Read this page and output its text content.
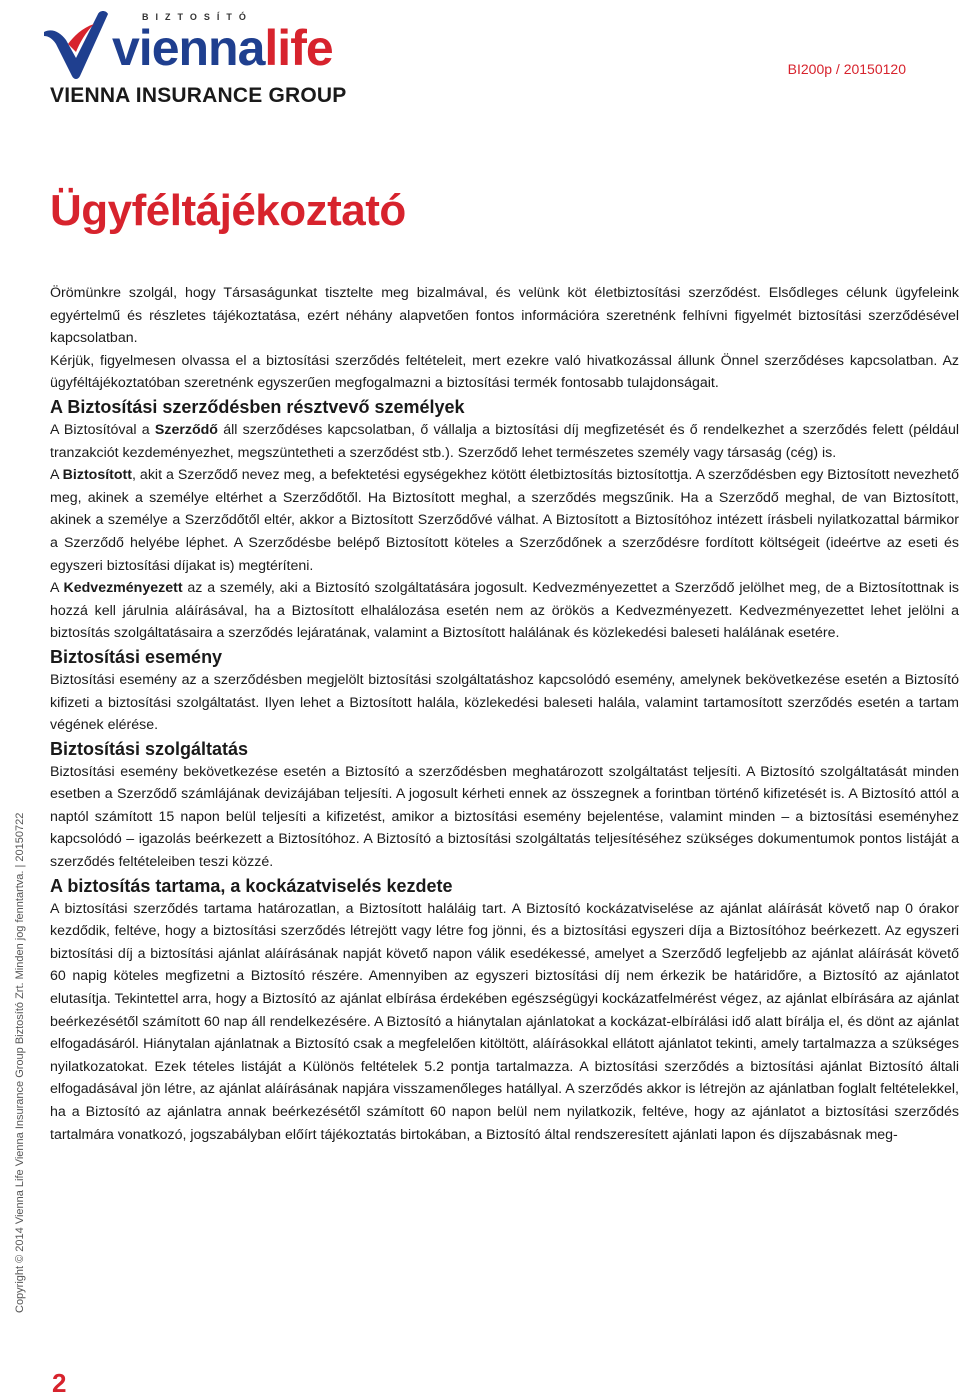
BIZTOSÍTÓ
viennalife
VIENNA INSURANCE GROUP
BI200p / 20150120
Ügyféltájékoztató

Örömünkre szolgál, hogy Társaságunkat tisztelte meg bizalmával, és velünk köt életbiztosítási szerződést. Elsődleges célunk ügyfeleink egyértelmű és részletes tájékoztatása, ezért néhány alapvetően fontos információra szeretnénk felhívni figyelmét biztosítási szerződésével kapcsolatban.

Kérjük, figyelmesen olvassa el a biztosítási szerződés feltételeit, mert ezekre való hivatkozással állunk Önnel szerződéses kapcsolatban. Az ügyféltájékoztatóban szeretnénk egyszerűen megfogalmazni a biztosítási termék fontosabb tulajdonságait.

A Biztosítási szerződésben résztvevő személyek

A Biztosítóval a Szerződő áll szerződéses kapcsolatban, ő vállalja a biztosítási díj megfizetését és ő rendelkezhet a szerződés felett (például tranzakciót kezdeményezhet, megszüntetheti a szerződést stb.). Szerződő lehet természetes személy vagy társaság (cég) is.

A Biztosított, akit a Szerződő nevez meg, a befektetési egységekhez kötött életbiztosítás biztosítottja. A szerződésben egy Biztosított nevezhető meg, akinek a személye eltérhet a Szerződőtől. Ha Biztosított meghal, a szerződés megszűnik. Ha a Szerződő meghal, de van Biztosított, akinek a személye a Szerződőtől eltér, akkor a Biztosított Szerződővé válhat. A Biztosított a Biztosítóhoz intézett írásbeli nyilatkozattal bármikor a Szerződő helyébe léphet. A Szerződésbe belépő Biztosított köteles a Szerződőnek a szerződésre fordított költségeit (ideértve az eseti és egyszeri biztosítási díjakat is) megtéríteni.

A Kedvezményezett az a személy, aki a Biztosító szolgáltatására jogosult. Kedvezményezettet a Szerződő jelölhet meg, de a Biztosítottnak is hozzá kell járulnia aláírásával, ha a Biztosított elhalálozása esetén nem az örökös a Kedvezményezett. Kedvezményezettet lehet jelölni a biztosítás szolgáltatásaira a szerződés lejáratának, valamint a Biztosított halálának és közlekedési baleseti halálának esetére.

Biztosítási esemény

Biztosítási esemény az a szerződésben megjelölt biztosítási szolgáltatáshoz kapcsolódó esemény, amelynek bekövetkezése esetén a Biztosító kifizeti a biztosítási szolgáltatást. Ilyen lehet a Biztosított halála, közlekedési baleseti halála, valamint tartamosított szerződés esetén a tartam végének elérése.

Biztosítási szolgáltatás

Biztosítási esemény bekövetkezése esetén a Biztosító a szerződésben meghatározott szolgáltatást teljesíti. A Biztosító szolgáltatását minden esetben a Szerződő számlájának devizájában teljesíti. A jogosult kérheti ennek az összegnek a forintban történő kifizetését is. A Biztosító attól a naptól számított 15 napon belül teljesíti a kifizetést, amikor a biztosítási esemény bejelentése, valamint minden – a biztosítási eseményhez kapcsolódó – igazolás beérkezett a Biztosítóhoz. A Biztosító a biztosítási szolgáltatás teljesítéséhez szükséges dokumentumok pontos listáját a szerződés feltételeiben teszi közzé.

A biztosítás tartama, a kockázatviselés kezdete

A biztosítási szerződés tartama határozatlan, a Biztosított haláláig tart. A Biztosító kockázatviselése az ajánlat aláírását követő nap 0 órakor kezdődik, feltéve, hogy a biztosítási szerződés létrejött vagy létre fog jönni, és a biztosítási egyszeri díja a Biztosítóhoz beérkezett. Az egyszeri biztosítási díj a biztosítási ajánlat aláírásának napját követő napon válik esedékessé, amelyet a Szerződő legfeljebb az ajánlat aláírását követő 60 napig köteles megfizetni a Biztosító részére. Amennyiben az egyszeri biztosítási díj nem érkezik be határidőre, a Biztosító az ajánlatot elutasítja. Tekintettel arra, hogy a Biztosító az ajánlat elbírása érdekében egészségügyi kockázatfelmérést végez, az ajánlat elbírására az ajánlat beérkezésétől számított 60 nap áll rendelkezésére. A Biztosító a hiánytalan ajánlatokat a kockázat-elbírálási idő alatt bírálja el, és dönt az ajánlat elfogadásáról. Hiánytalan ajánlatnak a Biztosító csak a megfelelően kitöltött, aláírásokkal ellátott ajánlatot tekinti, amely tartalmazza a szükséges nyilatkozatokat. Ezek tételes listáját a Különös feltételek 5.2 pontja tartalmazza. A biztosítási szerződés a biztosítási ajánlat Biztosító általi elfogadásával jön létre, az ajánlat aláírásának napjára visszamenőleges hatállyal. A szerződés akkor is létrejön az ajánlatban foglalt feltételekkel, ha a Biztosító az ajánlatra annak beérkezésétől számított 60 napon belül nem nyilatkozik, feltéve, hogy az ajánlatot a biztosítási szerződés tartalmára vonatkozó, jogszabályban előírt tájékoztatás birtokában, a Biztosító által rendszeresített ajánlati lapon és díjszabásnak meg-

Copyright © 2014 Vienna Life Vienna Insurance Group Biztosító Zrt. Minden jog fenntartva. | 20150722
2
